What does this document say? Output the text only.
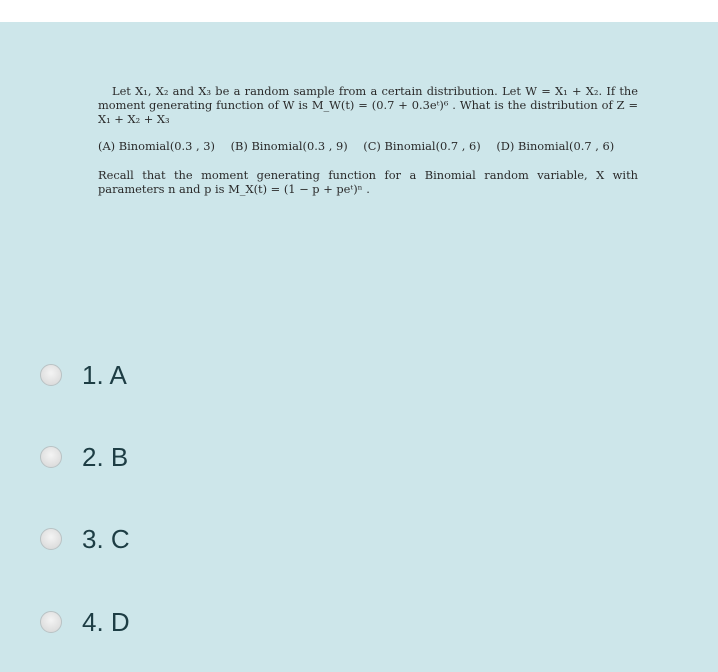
Let X₁, X₂ and X₃ be a random sample from a certain distribution. Let W = X₁ + X₂. If the moment generating function of W is M_W(t) = (0.7 + 0.3eᵗ)⁶ . What is the distribution of Z = X₁ + X₂ + X₃

(A) Binomial(0.3 , 3) (B) Binomial(0.3 , 9) (C) Binomial(0.7 , 6) (D) Binomial(0.7 , 6)

Recall that the moment generating function for a Binomial random variable, X with parameters n and p is M_X(t) = (1 − p + peᵗ)ⁿ .

1. A
2. B
3. C
4. D
